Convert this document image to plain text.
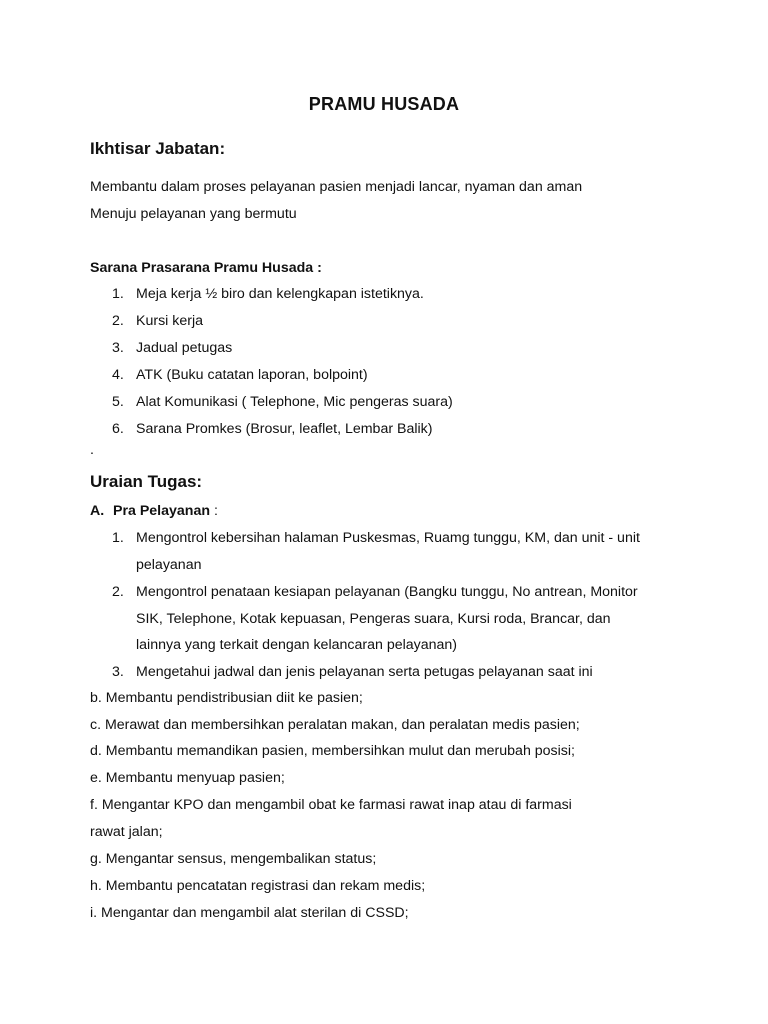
PRAMU HUSADA
Ikhtisar Jabatan:
Membantu dalam proses pelayanan pasien menjadi lancar, nyaman dan aman
Menuju pelayanan yang bermutu
Sarana Prasarana Pramu Husada :
1. Meja kerja ½ biro dan kelengkapan istetiknya.
2. Kursi kerja
3. Jadual petugas
4. ATK (Buku catatan laporan, bolpoint)
5. Alat Komunikasi ( Telephone, Mic pengeras suara)
6. Sarana Promkes (Brosur, leaflet, Lembar Balik)
.
Uraian Tugas:
A. Pra Pelayanan :
1. Mengontrol kebersihan halaman Puskesmas, Ruamg tunggu, KM, dan unit - unit
pelayanan
2. Mengontrol penataan kesiapan pelayanan (Bangku tunggu, No antrean, Monitor
SIK, Telephone, Kotak kepuasan, Pengeras suara, Kursi roda, Brancar, dan
lainnya yang terkait dengan kelancaran pelayanan)
3. Mengetahui jadwal dan jenis pelayanan serta petugas pelayanan saat ini
b. Membantu pendistribusian diit ke pasien;
c. Merawat dan membersihkan peralatan makan, dan peralatan medis pasien;
d. Membantu memandikan pasien, membersihkan mulut dan merubah posisi;
e. Membantu menyuap pasien;
f. Mengantar KPO dan mengambil obat ke farmasi rawat inap atau di farmasi
rawat jalan;
g. Mengantar sensus, mengembalikan status;
h. Membantu pencatatan registrasi dan rekam medis;
i. Mengantar dan mengambil alat sterilan di CSSD;
